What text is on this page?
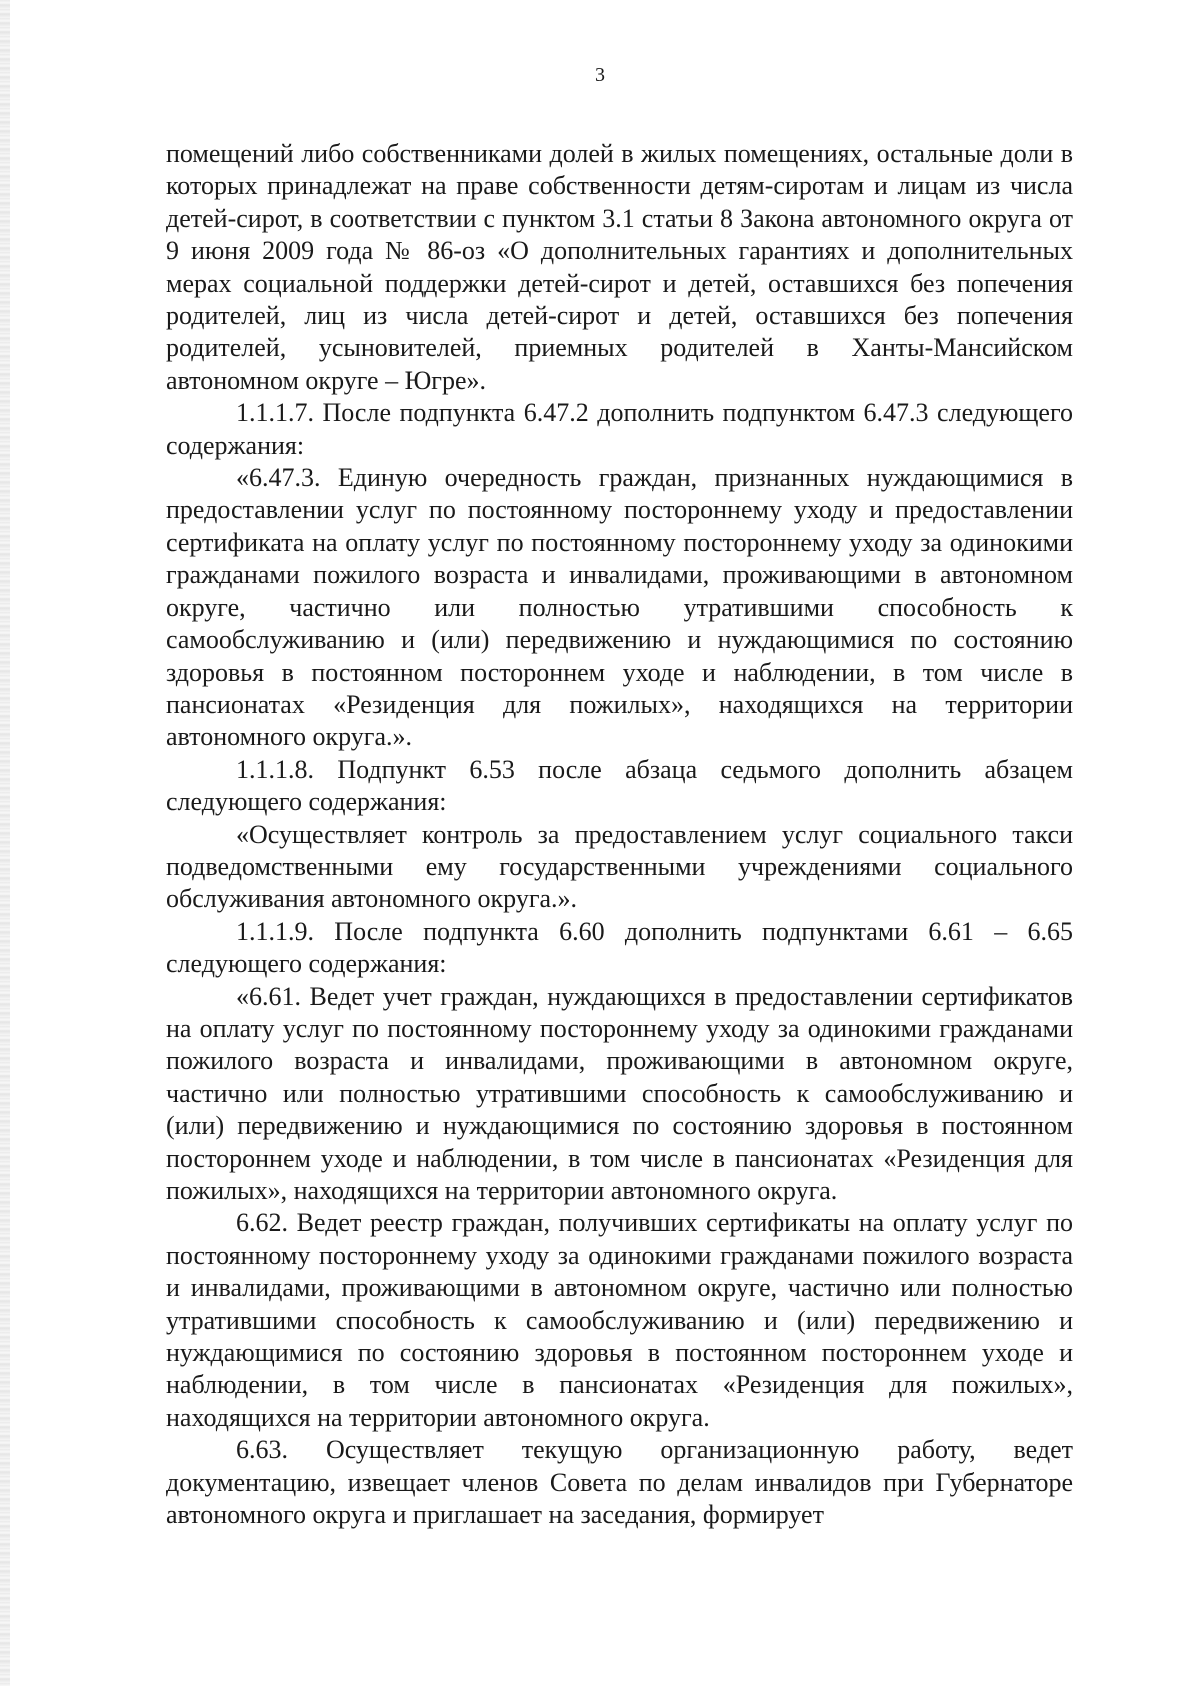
3

помещений либо собственниками долей в жилых помещениях, остальные доли в которых принадлежат на праве собственности детям-сиротам и лицам из числа детей-сирот, в соответствии с пунктом 3.1 статьи 8 Закона автономного округа от 9 июня 2009 года № 86-оз «О дополнительных гарантиях и дополнительных мерах социальной поддержки детей-сирот и детей, оставшихся без попечения родителей, лиц из числа детей-сирот и детей, оставшихся без попечения родителей, усыновителей, приемных родителей в Ханты-Мансийском автономном округе – Югре».

1.1.1.7. После подпункта 6.47.2 дополнить подпунктом 6.47.3 следующего содержания:

«6.47.3. Единую очередность граждан, признанных нуждающимися в предоставлении услуг по постоянному постороннему уходу и предоставлении сертификата на оплату услуг по постоянному постороннему уходу за одинокими гражданами пожилого возраста и инвалидами, проживающими в автономном округе, частично или полностью утратившими способность к самообслуживанию и (или) передвижению и нуждающимися по состоянию здоровья в постоянном постороннем уходе и наблюдении, в том числе в пансионатах «Резиденция для пожилых», находящихся на территории автономного округа.».

1.1.1.8. Подпункт 6.53 после абзаца седьмого дополнить абзацем следующего содержания:

«Осуществляет контроль за предоставлением услуг социального такси подведомственными ему государственными учреждениями социального обслуживания автономного округа.».

1.1.1.9. После подпункта 6.60 дополнить подпунктами 6.61 – 6.65 следующего содержания:

«6.61. Ведет учет граждан, нуждающихся в предоставлении сертификатов на оплату услуг по постоянному постороннему уходу за одинокими гражданами пожилого возраста и инвалидами, проживающими в автономном округе, частично или полностью утратившими способность к самообслуживанию и (или) передвижению и нуждающимися по состоянию здоровья в постоянном постороннем уходе и наблюдении, в том числе в пансионатах «Резиденция для пожилых», находящихся на территории автономного округа.

6.62. Ведет реестр граждан, получивших сертификаты на оплату услуг по постоянному постороннему уходу за одинокими гражданами пожилого возраста и инвалидами, проживающими в автономном округе, частично или полностью утратившими способность к самообслуживанию и (или) передвижению и нуждающимися по состоянию здоровья в постоянном постороннем уходе и наблюдении, в том числе в пансионатах «Резиденция для пожилых», находящихся на территории автономного округа.

6.63. Осуществляет текущую организационную работу, ведет документацию, извещает членов Совета по делам инвалидов при Губернаторе автономного округа и приглашает на заседания, формирует
